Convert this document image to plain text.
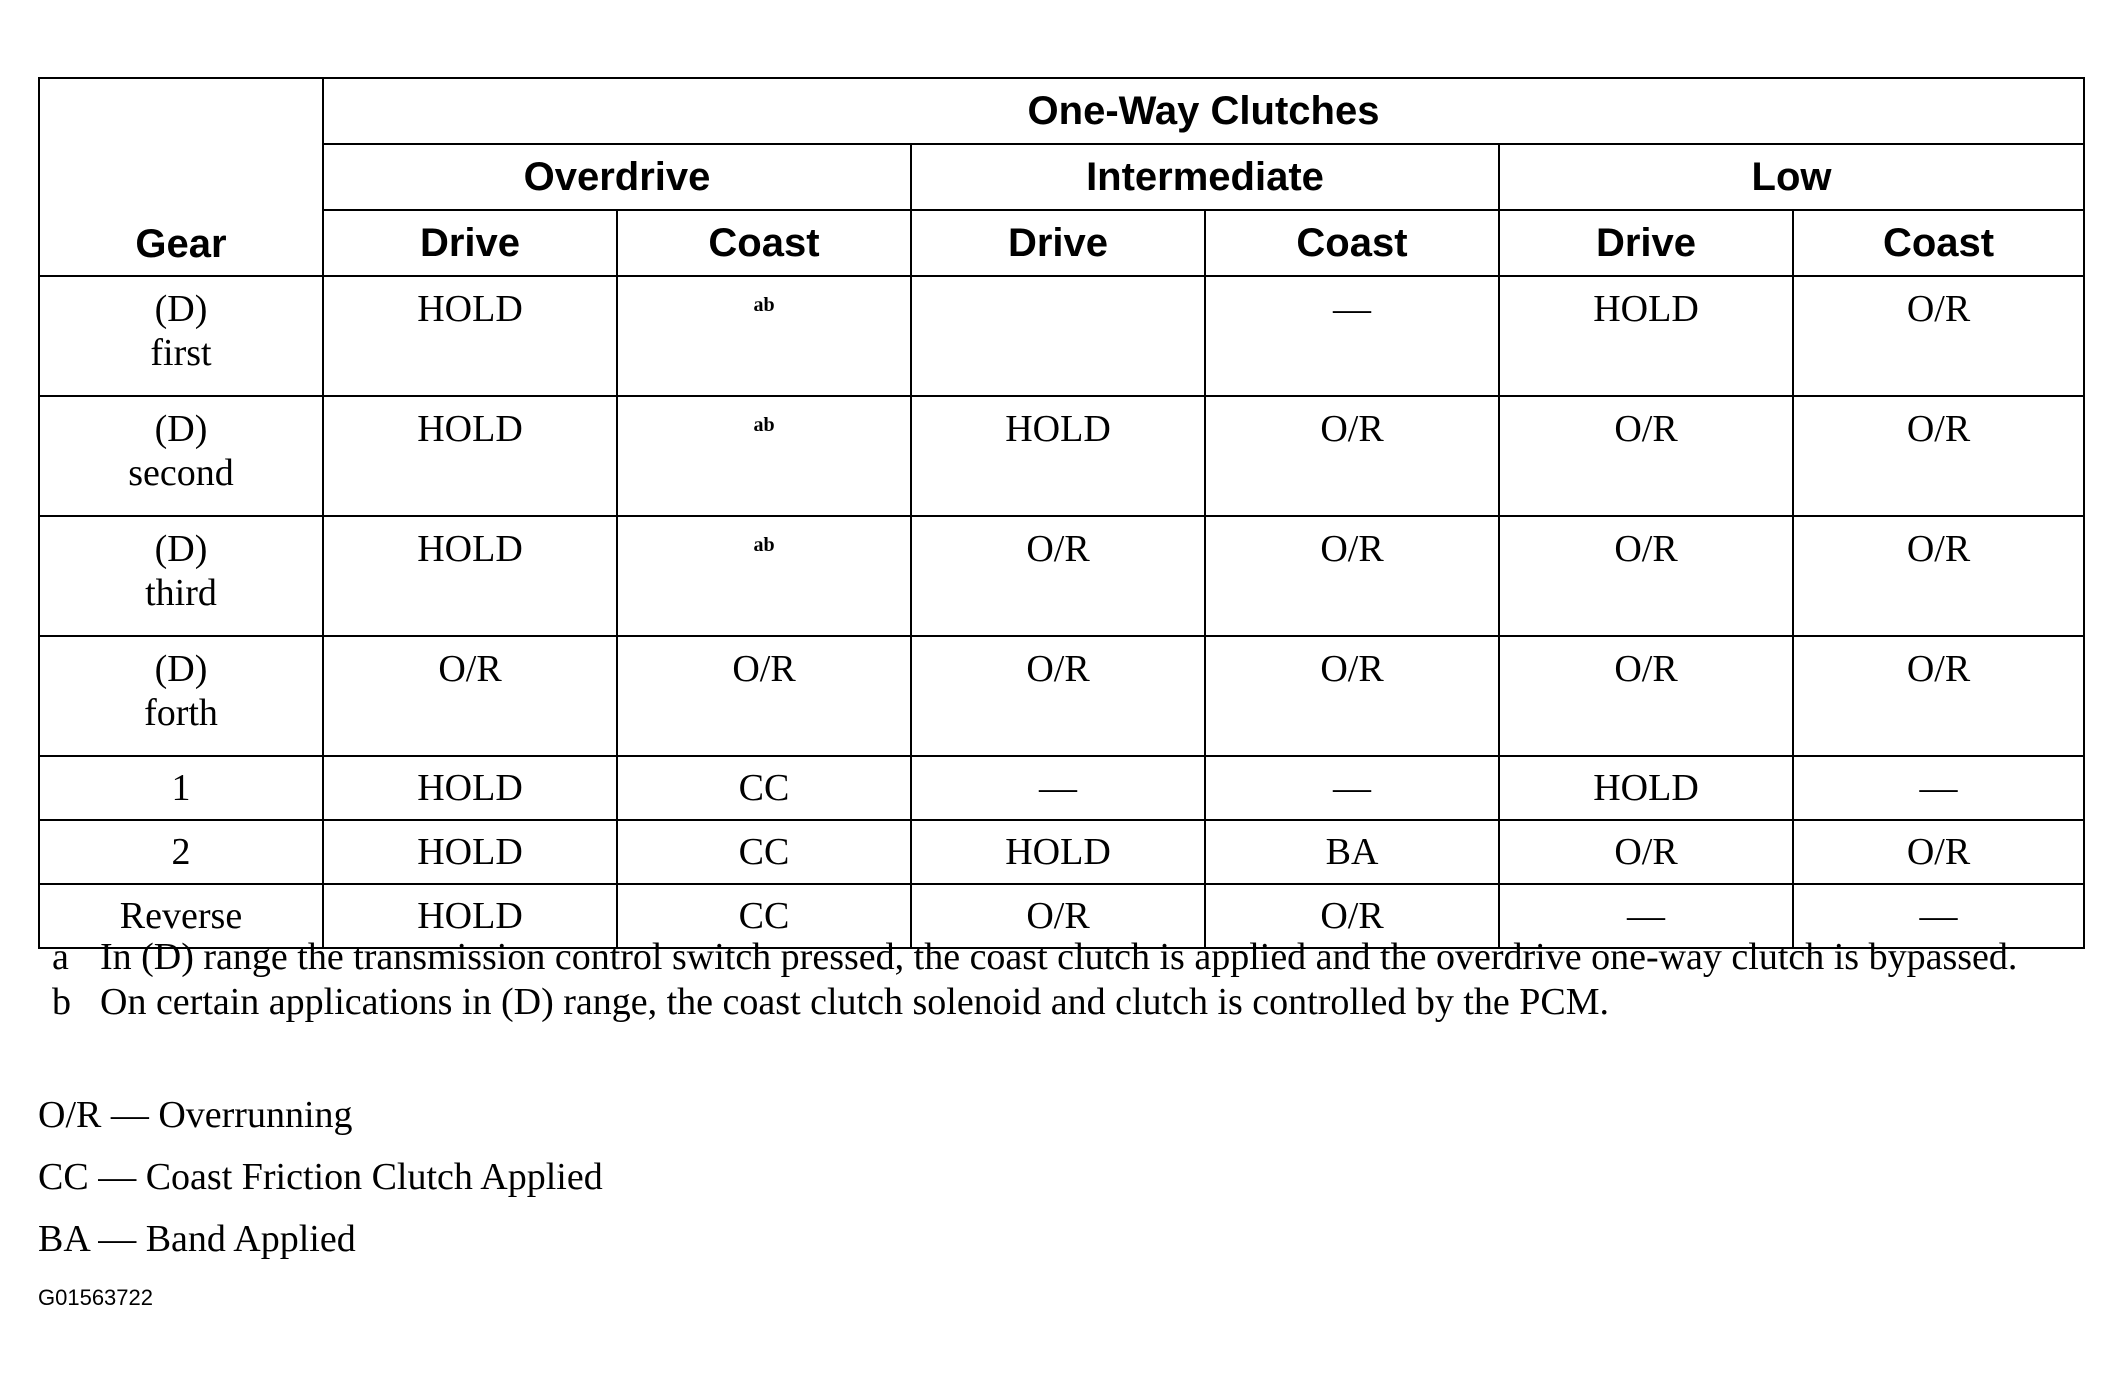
Gear	One-Way Clutches					
	Overdrive		Intermediate		Low	
	Drive	Coast	Drive	Coast	Drive	Coast
(D)
first	HOLD	$^{ab}$		—	HOLD	O/R
(D)
second	HOLD	$^{ab}$	HOLD	O/R	O/R	O/R
(D)
third	HOLD	$^{ab}$	O/R	O/R	O/R	O/R
(D)
forth	O/R	O/R	O/R	O/R	O/R	O/R
1	HOLD	CC	—	—	HOLD	—
2	HOLD	CC	HOLD	BA	O/R	O/R
Reverse	HOLD	CC	O/R	O/R	—	—
a In (D) range the transmission control switch pressed, the coast clutch is applied and the overdrive one-way clutch is bypassed.
b On certain applications in (D) range, the coast clutch solenoid and clutch is controlled by the PCM.
O/R — Overrunning
CC — Coast Friction Clutch Applied
BA — Band Applied
G01563722
